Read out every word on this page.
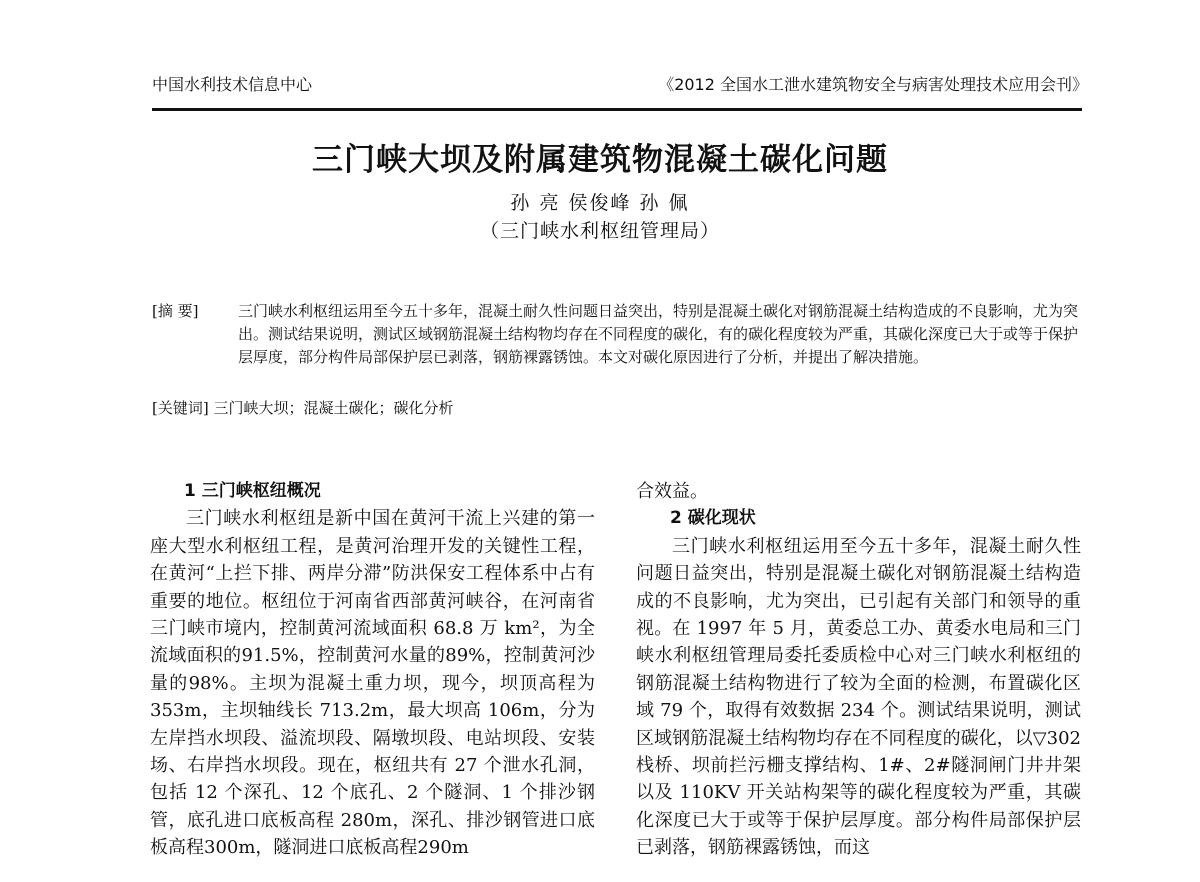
中国水利技术信息中心	《2012 全国水工泄水建筑物安全与病害处理技术应用会刊》
三门峡大坝及附属建筑物混凝土碳化问题
孙 亮 侯俊峰 孙 佩
（三门峡水利枢纽管理局）
[摘 要]	三门峡水利枢纽运用至今五十多年，混凝土耐久性问题日益突出，特别是混凝土碳化对钢筋混凝土结构造成的不良影响，尤为突出。测试结果说明，测试区域钢筋混凝土结构物均存在不同程度的碳化，有的碳化程度较为严重，其碳化深度已大于或等于保护层厚度，部分构件局部保护层已剥落，钢筋裸露锈蚀。本文对碳化原因进行了分析，并提出了解决措施。
[关键词] 三门峡大坝；混凝土碳化；碳化分析

1 三门峡枢纽概况

三门峡水利枢纽是新中国在黄河干流上兴建的第一座大型水利枢纽工程，是黄河治理开发的关键性工程，在黄河“上拦下排、两岸分滞”防洪保安工程体系中占有重要的地位。枢纽位于河南省西部黄河峡谷，在河南省三门峡市境内，控制黄河流域面积 68.8 万 km²，为全流域面积的91.5%，控制黄河水量的89%，控制黄河沙量的98%。主坝为混凝土重力坝，现今，坝顶高程为 353m，主坝轴线长 713.2m，最大坝高 106m，分为左岸挡水坝段、溢流坝段、隔墩坝段、电站坝段、安装场、右岸挡水坝段。现在，枢纽共有 27 个泄水孔洞，包括 12 个深孔、12 个底孔、2 个隧洞、1 个排沙钢管，底孔进口底板高程 280m，深孔、排沙钢管进口底板高程300m，隧洞进口底板高程290m

合效益。

2 碳化现状

三门峡水利枢纽运用至今五十多年，混凝土耐久性问题日益突出，特别是混凝土碳化对钢筋混凝土结构造成的不良影响，尤为突出，已引起有关部门和领导的重视。在 1997 年 5 月，黄委总工办、黄委水电局和三门峡水利枢纽管理局委托委质检中心对三门峡水利枢纽的钢筋混凝土结构物进行了较为全面的检测，布置碳化区域 79 个，取得有效数据 234 个。测试结果说明，测试区域钢筋混凝土结构物均存在不同程度的碳化，以▽302 栈桥、坝前拦污栅支撑结构、1#、2#隧洞闸门井井架以及 110KV 开关站构架等的碳化程度较为严重，其碳化深度已大于或等于保护层厚度。部分构件局部保护层已剥落，钢筋裸露锈蚀，而这
